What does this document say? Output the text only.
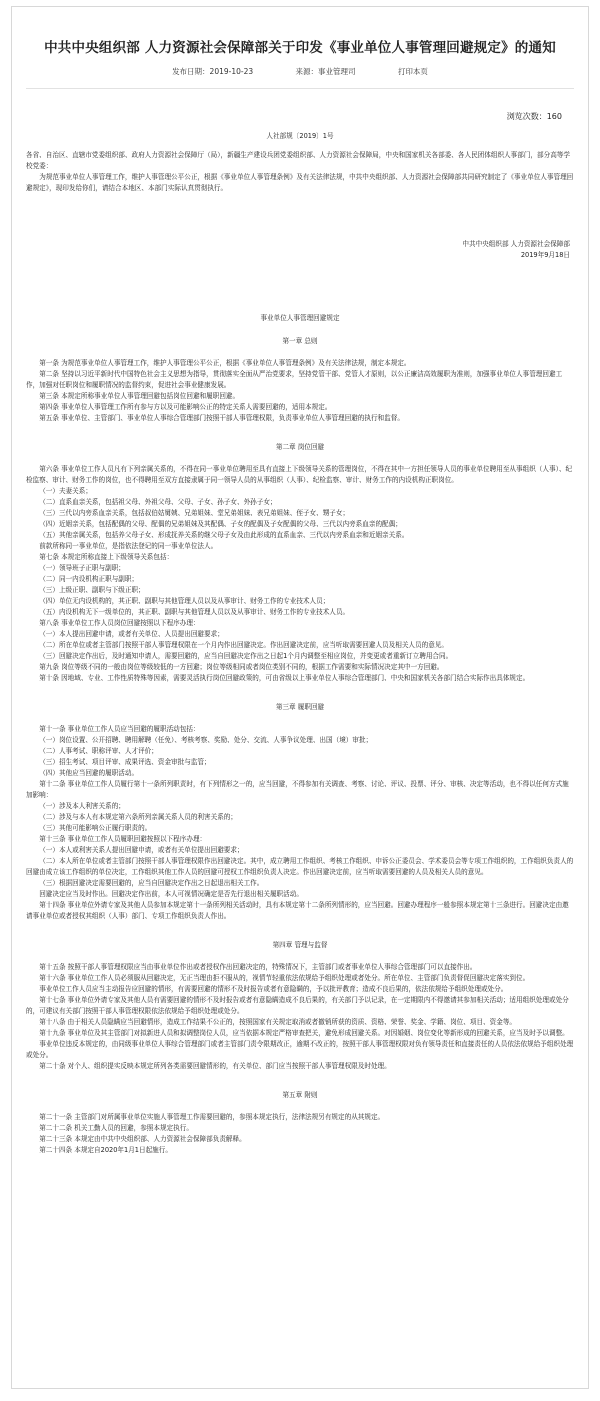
中共中央组织部 人力资源社会保障部关于印发《事业单位人事管理回避规定》的通知
发布日期：2019-10-23	来源：事业管理司	打印本页
浏览次数：160
人社部规〔2019〕1号
各省、自治区、直辖市党委组织部、政府人力资源社会保障厅（局），新疆生产建设兵团党委组织部、人力资源社会保障局，中央和国家机关各部委、各人民团体组织人事部门，部分高等学校党委：
为规范事业单位人事管理工作，维护人事管理公平公正，根据《事业单位人事管理条例》及有关法律法规，中共中央组织部、人力资源社会保障部共同研究制定了《事业单位人事管理回避规定》，现印发给你们，请结合本地区、本部门实际认真贯彻执行。
中共中央组织部 人力资源社会保障部
2019年9月18日
事业单位人事管理回避规定
第一章 总则
第一条 为规范事业单位人事管理工作，维护人事管理公平公正，根据《事业单位人事管理条例》及有关法律法规，制定本规定。
第二条 坚持以习近平新时代中国特色社会主义思想为指导，贯彻落实全面从严治党要求，坚持党管干部、党管人才原则，以公正廉洁高效履职为准则，加强事业单位人事管理回避工作，加强对任职岗位和履职情况的监督约束，促进社会事业健康发展。
第三条 本规定所称事业单位人事管理回避包括岗位回避和履职回避。
第四条 事业单位人事管理工作所有参与方以及可能影响公正的特定关系人需要回避的，适用本规定。
第五条 事业单位、主管部门、事业单位人事综合管理部门按照干部人事管理权限，负责事业单位人事管理回避的执行和监督。
第二章 岗位回避
第六条 事业单位工作人员凡有下列亲属关系的，不得在同一事业单位聘用至具有直接上下级领导关系的管理岗位，不得在其中一方担任领导人员的事业单位聘用至从事组织（人事）、纪检监察、审计、财务工作的岗位，也不得聘用至双方直接隶属于同一领导人员的从事组织（人事）、纪检监察、审计、财务工作的内设机构正职岗位。
（一）夫妻关系；
（二）直系血亲关系，包括祖父母、外祖父母、父母、子女、孙子女、外孙子女；
（三）三代以内旁系血亲关系，包括叔伯姑舅姨、兄弟姐妹、堂兄弟姐妹、表兄弟姐妹、侄子女、甥子女；
（四）近姻亲关系，包括配偶的父母、配偶的兄弟姐妹及其配偶、子女的配偶及子女配偶的父母、三代以内旁系血亲的配偶；
（五）其他亲属关系，包括养父母子女、形成抚养关系的继父母子女及由此形成的直系血亲、三代以内旁系血亲和近姻亲关系。
前款所称同一事业单位，是指依法登记的同一事业单位法人。
第七条 本规定所称直接上下级领导关系包括：
（一）领导班子正职与副职；
（二）同一内设机构正职与副职；
（三）上级正职、副职与下级正职；
（四）单位无内设机构的，其正职、副职与其他管理人员以及从事审计、财务工作的专业技术人员；
（五）内设机构无下一级单位的，其正职、副职与其他管理人员以及从事审计、财务工作的专业技术人员。
第八条 事业单位工作人员岗位回避按照以下程序办理：
（一）本人提出回避申请，或者有关单位、人员提出回避要求；
（二）所在单位或者主管部门按照干部人事管理权限在一个月内作出回避决定。作出回避决定前，应当听取需要回避人员及相关人员的意见。
（三）回避决定作出后，及时通知申请人，需要回避的，应当自回避决定作出之日起1个月内调整至相应岗位，并变更或者重新订立聘用合同。
第九条 岗位等级不同的一般由岗位等级较低的一方回避；岗位等级相同或者岗位类别不同的，根据工作需要和实际情况决定其中一方回避。
第十条 因地域、专业、工作性质特殊等因素，需要灵活执行岗位回避政策的，可由省级以上事业单位人事综合管理部门、中央和国家机关各部门结合实际作出具体规定。
第三章 履职回避
第十一条 事业单位工作人员应当回避的履职活动包括：
（一）岗位设置、公开招聘、聘用解聘（任免）、考核考察、奖励、处分、交流、人事争议处理、出国（境）审批；
（二）人事考试、职称评审、人才评价；
（三）招生考试、项目评审、成果评选、资金审批与监管；
（四）其他应当回避的履职活动。
第十二条 事业单位工作人员履行第十一条所列职责时，有下列情形之一的，应当回避，不得参加有关调查、考察、讨论、评议、投票、评分、审核、决定等活动，也不得以任何方式施加影响：
（一）涉及本人利害关系的；
（二）涉及与本人有本规定第六条所列亲属关系人员的利害关系的；
（三）其他可能影响公正履行职责的。
第十三条 事业单位工作人员履职回避按照以下程序办理：
（一）本人或利害关系人提出回避申请，或者有关单位提出回避要求；
（二）本人所在单位或者主管部门按照干部人事管理权限作出回避决定。其中，成立聘用工作组织、考核工作组织、申诉公正委员会、学术委员会等专项工作组织的，工作组织负责人的回避由成立该工作组织的单位决定，工作组织其他工作人员的回避可授权工作组织负责人决定。作出回避决定前，应当听取需要回避的人员及相关人员的意见。
（三）根据回避决定需要回避的，应当自回避决定作出之日起退出相关工作。
回避决定应当及时作出。回避决定作出前，本人可视情况确定是否先行退出相关履职活动。
第十四条 事业单位外请专家及其他人员参加本规定第十一条所列相关活动时，具有本规定第十二条所列情形的，应当回避。回避办理程序一般参照本规定第十三条进行。回避决定由邀请事业单位或者授权其组织（人事）部门、专项工作组织负责人作出。
第四章 管理与监督
第十五条 按照干部人事管理权限应当由事业单位作出或者授权作出回避决定的，特殊情况下，主管部门或者事业单位人事综合管理部门可以直接作出。
第十六条 事业单位工作人员必须服从回避决定，无正当理由拒不服从的，视情节轻重依法依规给予组织处理或者处分。所在单位、主管部门负责督促回避决定落实到位。
事业单位工作人员应当主动报告应回避的情形，有需要回避的情形不及时报告或者有意隐瞒的，予以批评教育；造成不良后果的，依法依规给予组织处理或处分。
第十七条 事业单位外请专家及其他人员有需要回避的情形不及时报告或者有意隐瞒造成不良后果的，有关部门予以记录，在一定期限内不得邀请其参加相关活动；适用组织处理或处分的，可建议有关部门按照干部人事管理权限依法依规给予组织处理或处分。
第十八条 由于相关人员隐瞒应当回避情形，造成工作结果不公正的，按照国家有关规定取消或者撤销所获的资质、资格、荣誉、奖金、学籍、岗位、项目、资金等。
第十九条 事业单位及其主管部门对拟新进人员和拟调整岗位人员，应当依据本规定严格审查把关，避免形成回避关系。对因婚姻、岗位变化等新形成的回避关系，应当及时予以调整。
事业单位违反本规定的，由同级事业单位人事综合管理部门或者主管部门责令限期改正，逾期不改正的，按照干部人事管理权限对负有领导责任和直接责任的人员依法依规给予组织处理或处分。
第二十条 对个人、组织提实反映本规定所列各类需要回避情形的，有关单位、部门应当按照干部人事管理权限及时处理。
第五章 附则
第二十一条 主管部门对所属事业单位实施人事管理工作需要回避的，参照本规定执行，法律法规另有规定的从其规定。
第二十二条 机关工勤人员的回避，参照本规定执行。
第二十三条 本规定由中共中央组织部、人力资源社会保障部负责解释。
第二十四条 本规定自2020年1月1日起施行。
